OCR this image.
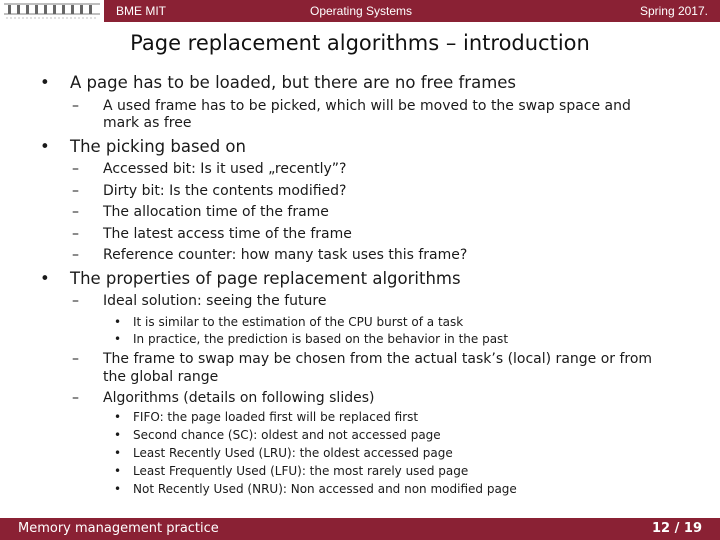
BME MIT	Operating Systems	Spring 2017.
Page replacement algorithms – introduction
• A page has to be loaded, but there are no free frames
– A used frame has to be picked, which will be moved to the swap space and
mark as free
• The picking based on
– Accessed bit: Is it used „recently”?
– Dirty bit: Is the contents modified?
– The allocation time of the frame
– The latest access time of the frame
– Reference counter: how many task uses this frame?
• The properties of page replacement algorithms
– Ideal solution: seeing the future
• It is similar to the estimation of the CPU burst of a task
• In practice, the prediction is based on the behavior in the past
– The frame to swap may be chosen from the actual task’s (local) range or from
the global range
– Algorithms (details on following slides)
• FIFO: the page loaded first will be replaced first
• Second chance (SC): oldest and not accessed page
• Least Recently Used (LRU): the oldest accessed page
• Least Frequently Used (LFU): the most rarely used page
• Not Recently Used (NRU): Non accessed and non modified page
Memory management practice	12 / 19
